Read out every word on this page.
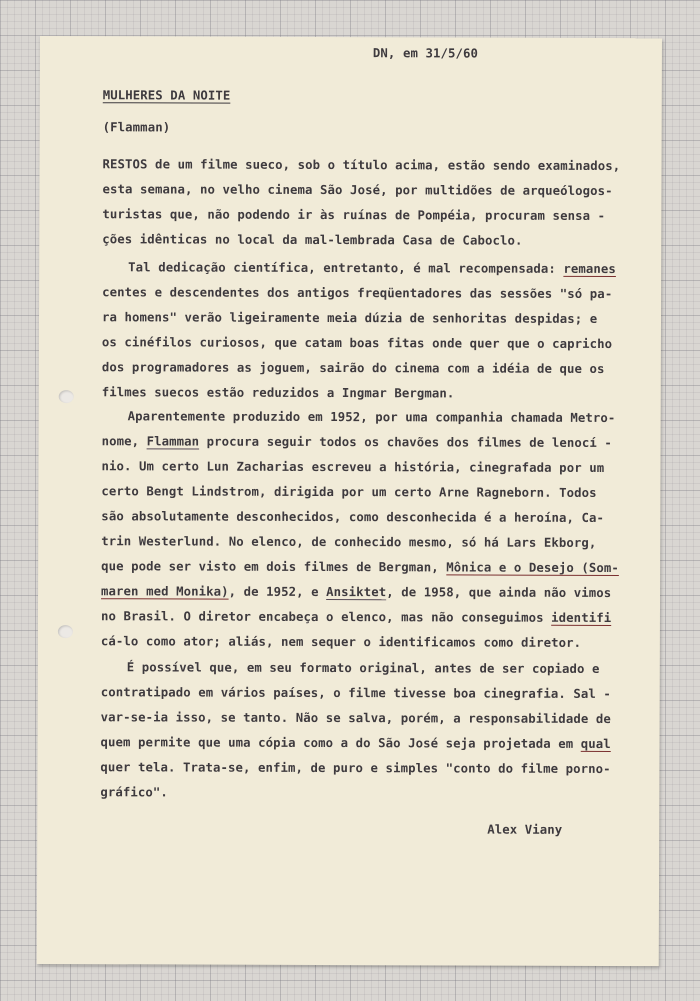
DN, em 31/5/60
MULHERES DA NOITE
(Flamman)
RESTOS de um filme sueco, sob o título acima, estão sendo examinados,
esta semana, no velho cinema São José, por multidões de arqueólogos-
turistas que, não podendo ir às ruínas de Pompéia, procuram sensa -
ções idênticas no local da mal-lembrada Casa de Caboclo.
Tal dedicação científica, entretanto, é mal recompensada: remanes
centes e descendentes dos antigos freqüentadores das sessões "só pa-
ra homens" verão ligeiramente meia dúzia de senhoritas despidas; e
os cinéfilos curiosos, que catam boas fitas onde quer que o capricho
dos programadores as joguem, sairão do cinema com a idéia de que os
filmes suecos estão reduzidos a Ingmar Bergman.
Aparentemente produzido em 1952, por uma companhia chamada Metro-
nome, Flamman procura seguir todos os chavões dos filmes de lenocí -
nio. Um certo Lun Zacharias escreveu a história, cinegrafada por um
certo Bengt Lindstrom, dirigida por um certo Arne Ragneborn. Todos
são absolutamente desconhecidos, como desconhecida é a heroína, Ca-
trin Westerlund. No elenco, de conhecido mesmo, só há Lars Ekborg,
que pode ser visto em dois filmes de Bergman, Mônica e o Desejo (Som-
maren med Monika), de 1952, e Ansiktet, de 1958, que ainda não vimos
no Brasil. O diretor encabeça o elenco, mas não conseguimos identifi
cá-lo como ator; aliás, nem sequer o identificamos como diretor.
É possível que, em seu formato original, antes de ser copiado e
contratipado em vários países, o filme tivesse boa cinegrafia. Sal -
var-se-ia isso, se tanto. Não se salva, porém, a responsabilidade de
quem permite que uma cópia como a do São José seja projetada em qual
quer tela. Trata-se, enfim, de puro e simples "conto do filme porno-
gráfico".
Alex Viany
